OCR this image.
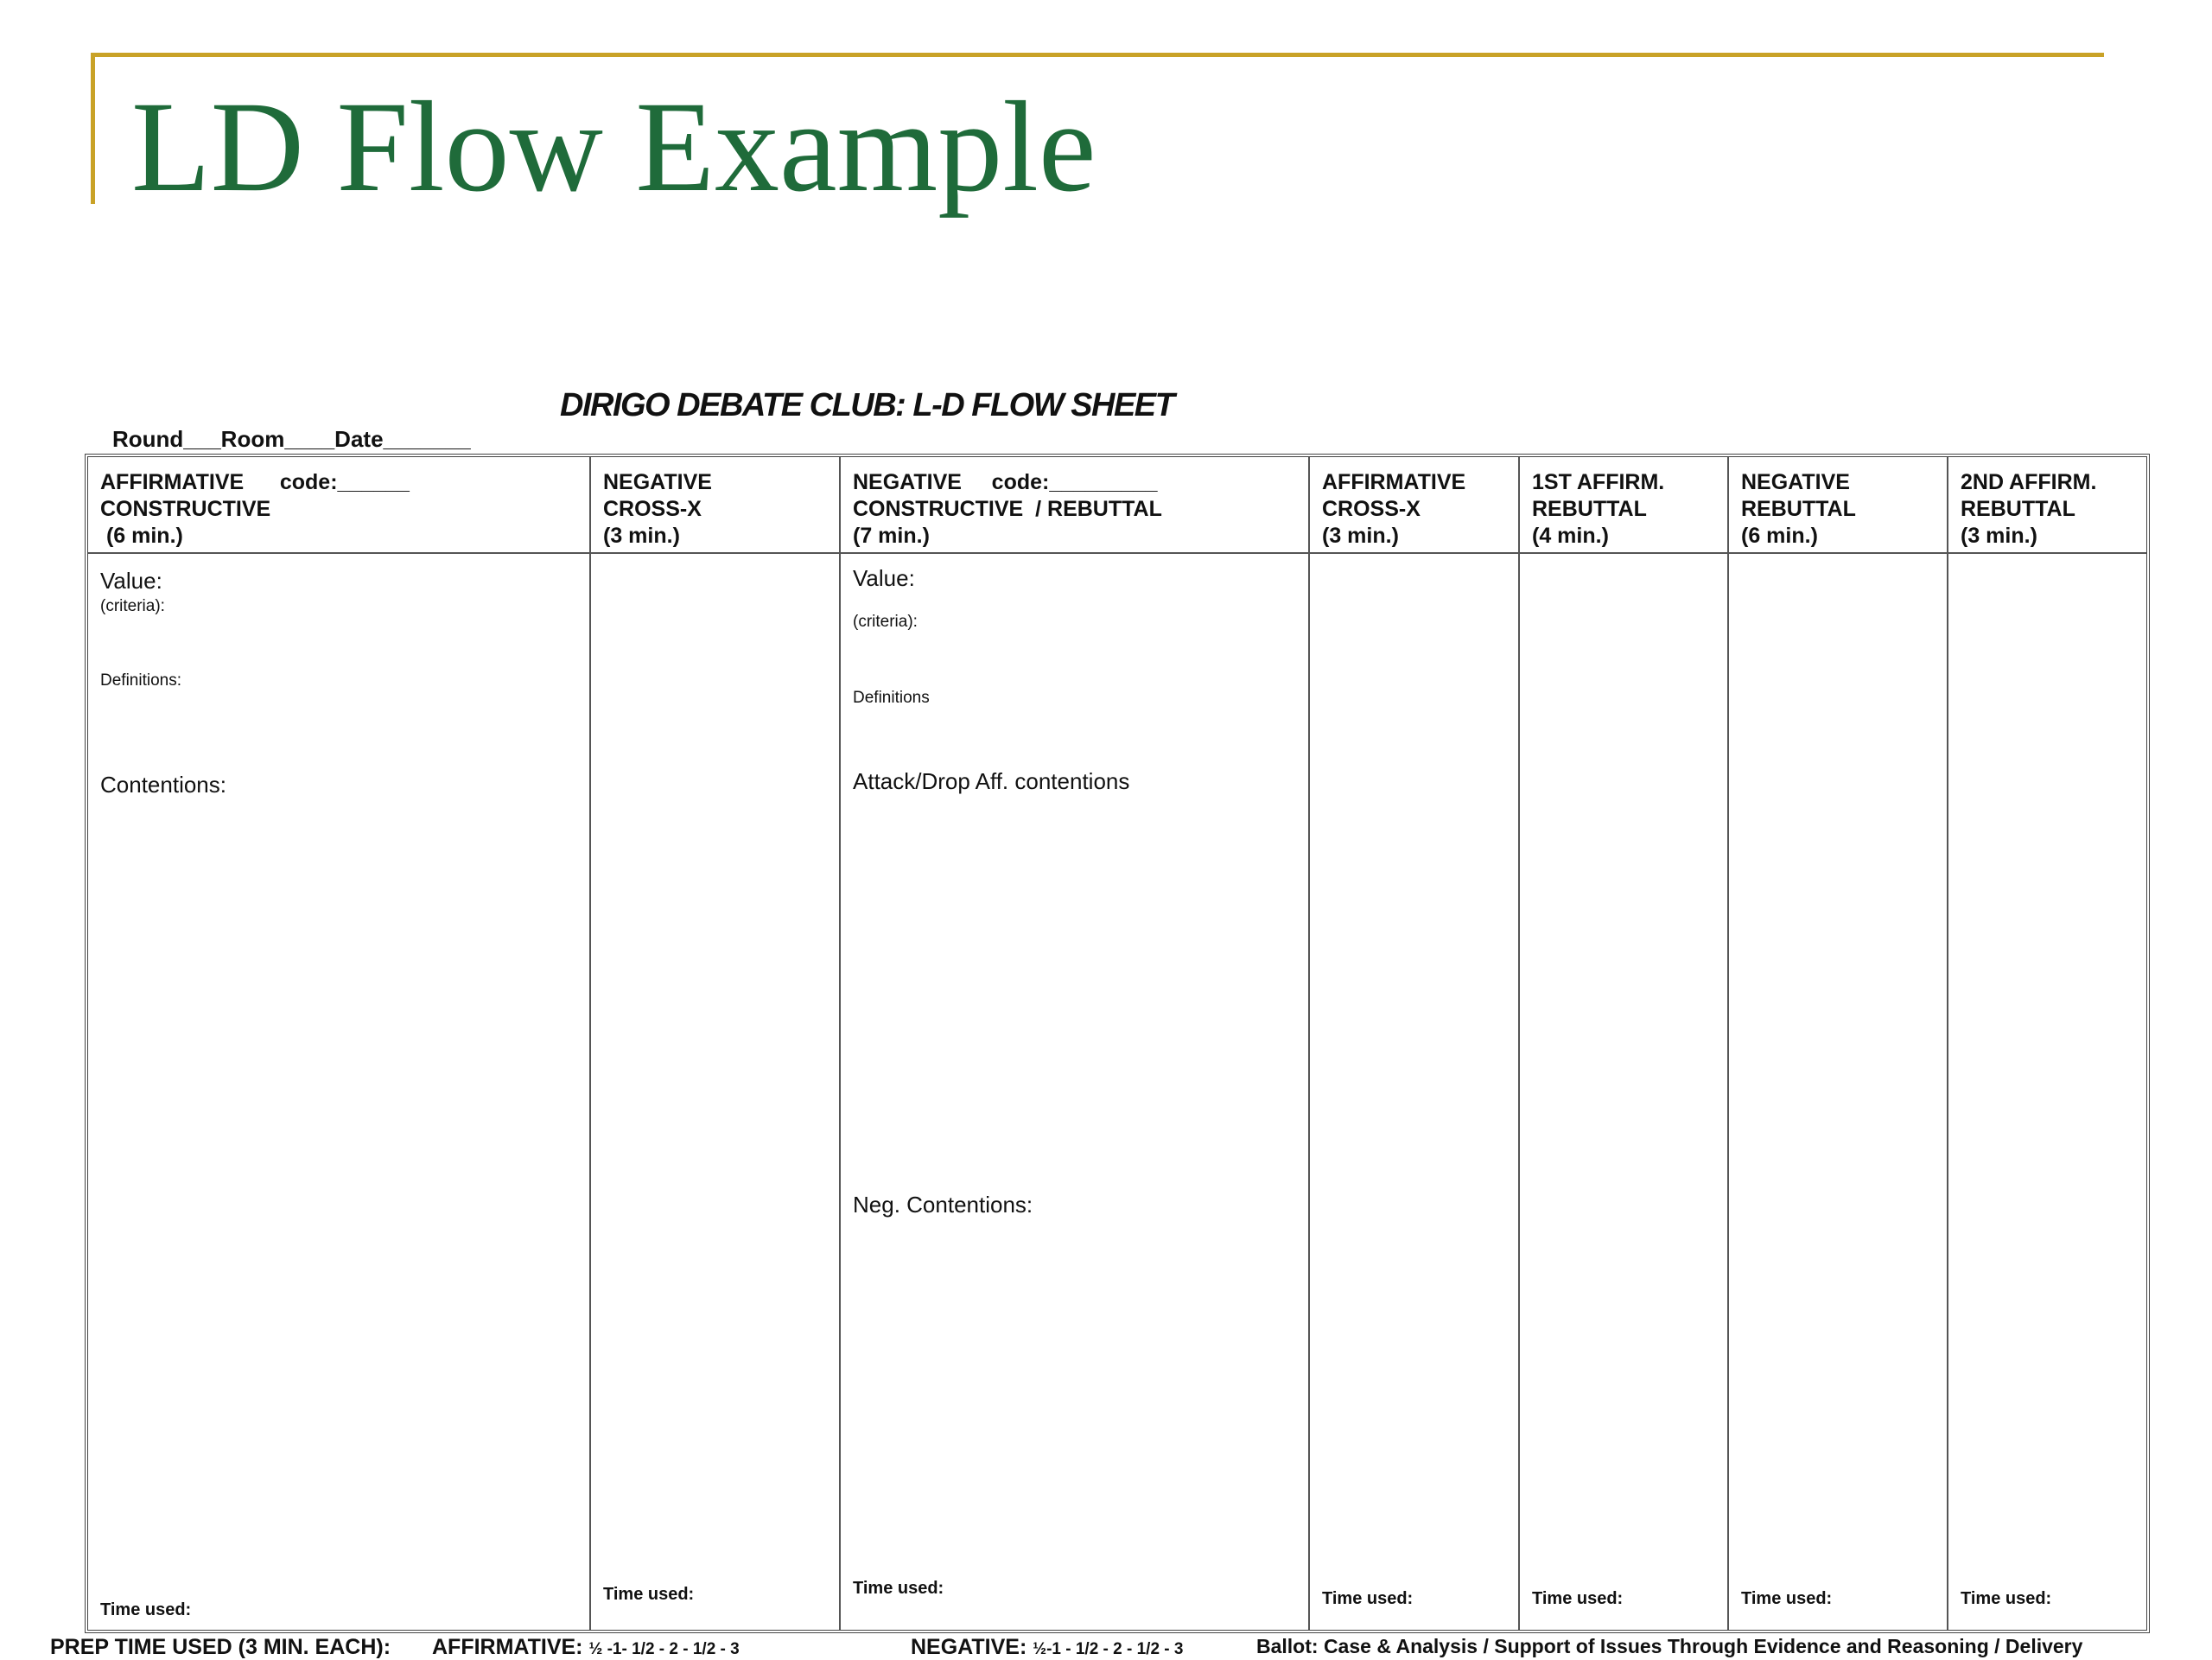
LD Flow Example
DIRIGO DEBATE CLUB: L-D FLOW SHEET
Round___Room____Date_______
AFFIRMATIVE      code:______
CONSTRUCTIVE
(6 min.)
Value:
(criteria):
Definitions:
Contentions:
Time used:
NEGATIVE
CROSS-X
(3 min.)
Time used:
NEGATIVE     code:_________
CONSTRUCTIVE  / REBUTTAL
(7 min.)
Value:
(criteria):
Definitions
Attack/Drop Aff. contentions
Neg. Contentions:
Time used:
AFFIRMATIVE
CROSS-X
(3 min.)
Time used:
1ST AFFIRM.
REBUTTAL
(4 min.)
Time used:
NEGATIVE
REBUTTAL
(6 min.)
Time used:
2ND AFFIRM.
REBUTTAL
(3 min.)
Time used:
PREP TIME USED (3 MIN. EACH): AFFIRMATIVE: ½ -1- 1/2 - 2 - 1/2 - 3	NEGATIVE: ½-1 - 1/2 - 2 - 1/2 - 3	Ballot: Case & Analysis / Support of Issues Through Evidence and Reasoning / Delivery
